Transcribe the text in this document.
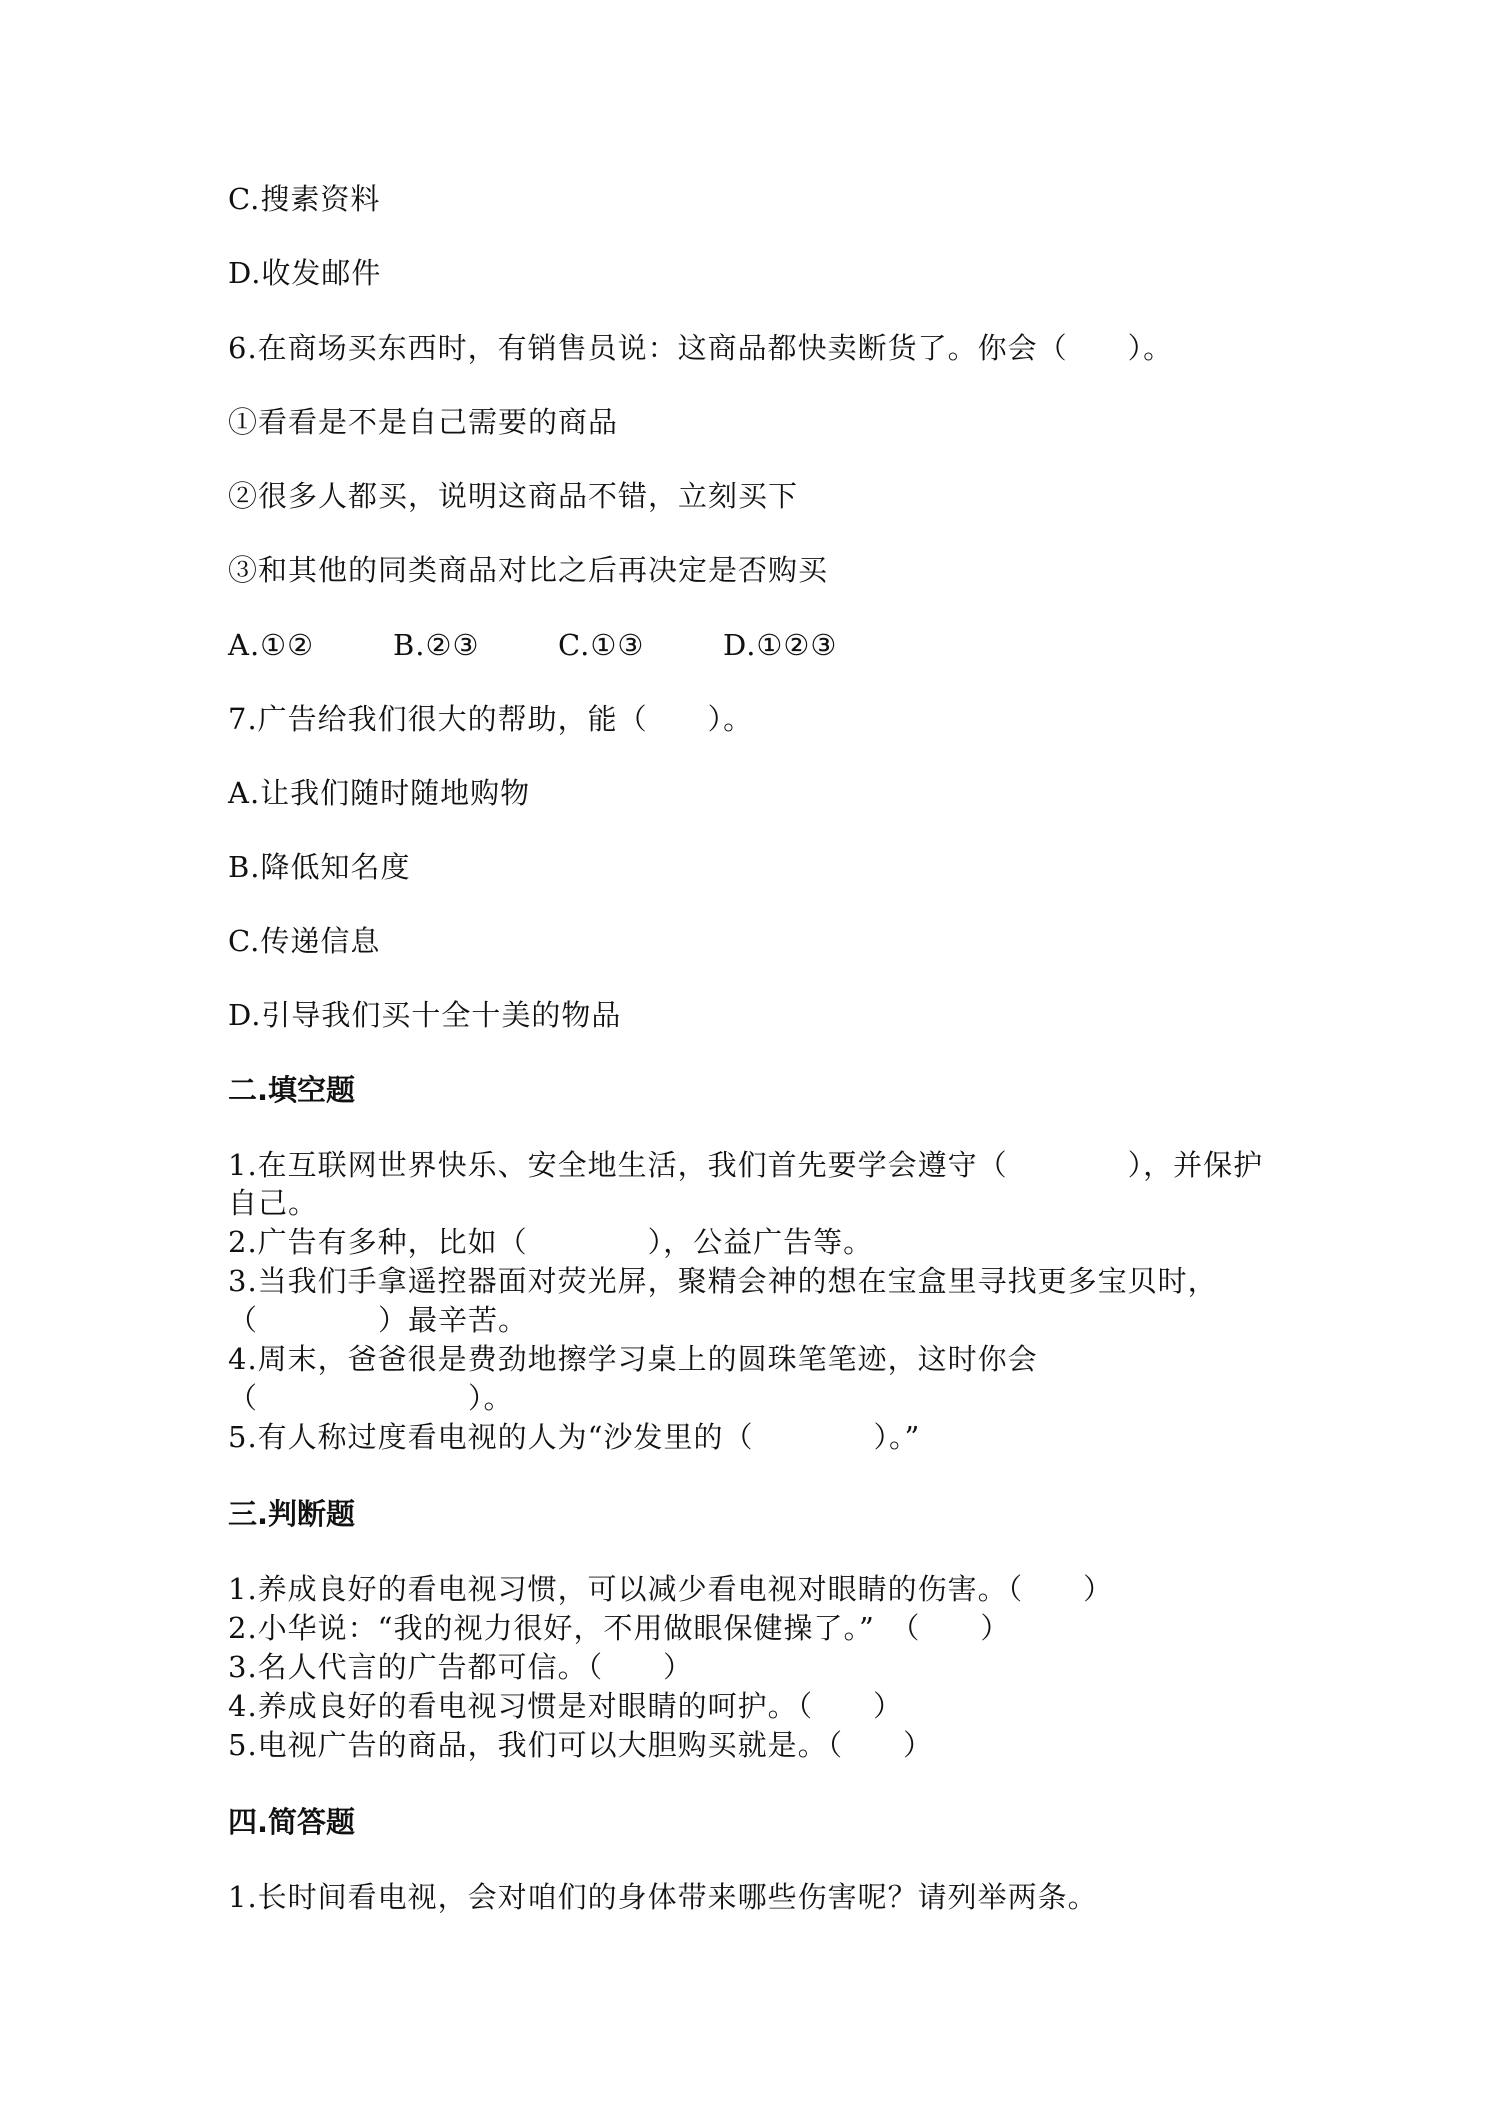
C.搜素资料
D.收发邮件
6.在商场买东西时，有销售员说：这商品都快卖断货了。你会（　　）。
①看看是不是自己需要的商品
②很多人都买，说明这商品不错，立刻买下
③和其他的同类商品对比之后再决定是否购买
A.①②	B.②③	C.①③	D.①②③
7.广告给我们很大的帮助，能（　　）。
A.让我们随时随地购物
B.降低知名度
C.传递信息
D.引导我们买十全十美的物品
二.填空题
1.在互联网世界快乐、安全地生活，我们首先要学会遵守（　　　　），并保护
自己。
2.广告有多种，比如（　　　　），公益广告等。
3.当我们手拿遥控器面对荧光屏，聚精会神的想在宝盒里寻找更多宝贝时，
（　　　　）最辛苦。
4.周末，爸爸很是费劲地擦学习桌上的圆珠笔笔迹，这时你会
（　　　　　　　）。
5.有人称过度看电视的人为“沙发里的（　　　　）。”
三.判断题
1.养成良好的看电视习惯，可以减少看电视对眼睛的伤害。（　　）
2.小华说：“我的视力很好，不用做眼保健操了。”　（　　）
3.名人代言的广告都可信。（　　）
4.养成良好的看电视习惯是对眼睛的呵护。（　　）
5.电视广告的商品，我们可以大胆购买就是。（　　）
四.简答题
1.长时间看电视，会对咱们的身体带来哪些伤害呢？请列举两条。
